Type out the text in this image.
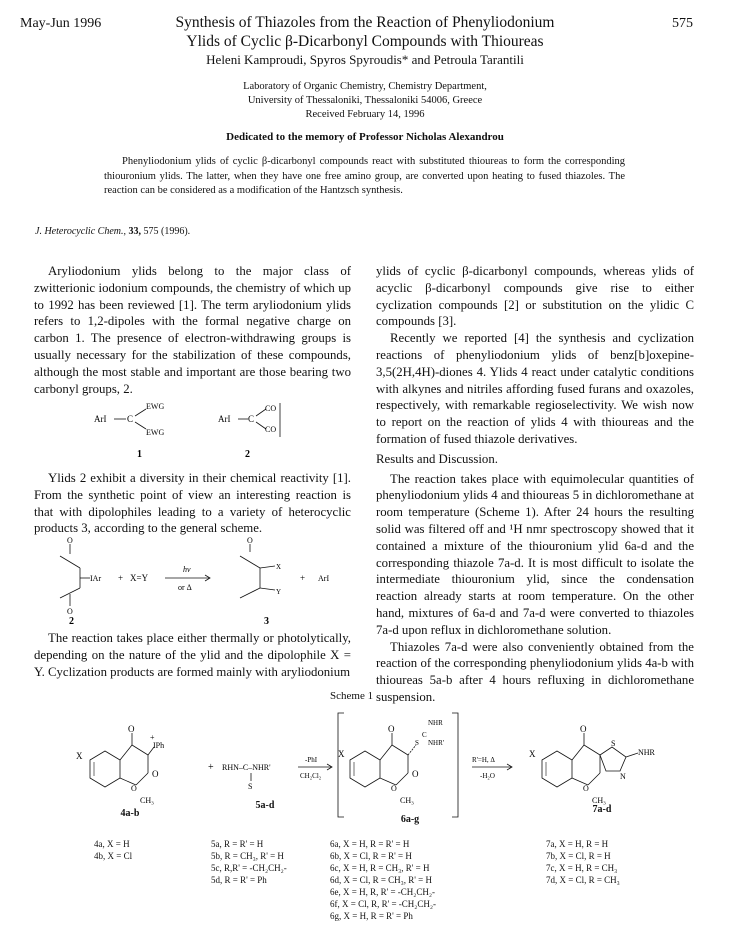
May-Jun 1996	575
Synthesis of Thiazoles from the Reaction of Phenyliodonium
Ylids of Cyclic β-Dicarbonyl Compounds with Thioureas
Heleni Kamproudi, Spyros Spyroudis* and Petroula Tarantili
Laboratory of Organic Chemistry, Chemistry Department,
University of Thessaloniki, Thessaloniki 54006, Greece
Received February 14, 1996
Dedicated to the memory of Professor Nicholas Alexandrou
Phenyliodonium ylids of cyclic β-dicarbonyl compounds react with substituted thioureas to form the corresponding thiouronium ylids. The latter, when they have one free amino group, are converted upon heating to fused thiazoles. The reaction can be considered as a modification of the Hantzsch synthesis.
J. Heterocyclic Chem., 33, 575 (1996).

Aryliodonium ylids belong to the major class of zwitterionic iodonium compounds, the chemistry of which up to 1992 has been reviewed [1]. The term aryliodonium ylids refers to 1,2-dipoles with the formal negative charge on carbon 1. The presence of electron-withdrawing groups is usually necessary for the stabilization of these compounds, although the most stable and important are those bearing two carbonyl groups, 2.

ArI C
EWG
EWG
ArI C
CO
CO
1	2

Ylids 2 exhibit a diversity in their chemical reactivity [1]. From the synthetic point of view an interesting reaction is that with dipolophiles leading to a variety of heterocyclic products 3, according to the general scheme.

O
O
IAr + X=Y
hν
or Δ
O
X
Y
+ ArI
2	3

The reaction takes place either thermally or photolytically, depending on the nature of the ylid and the dipolophile X = Y. Cyclization products are formed mainly with aryliodonium

ylids of cyclic β-dicarbonyl compounds, whereas ylids of acyclic β-dicarbonyl compounds give rise to either cyclization compounds [2] or substitution on the ylidic C compounds [3].

Recently we reported [4] the synthesis and cyclization reactions of phenyliodonium ylids of benz[b]oxepine-3,5(2H,4H)-diones 4. Ylids 4 react under catalytic conditions with alkynes and nitriles affording fused furans and oxazoles, respectively, with remarkable regioselectivity. We wish now to report on the reaction of ylids 4 with thioureas and the formation of fused thiazole derivatives.

Results and Discussion.

The reaction takes place with equimolecular quantities of phenyliodonium ylids 4 and thioureas 5 in dichloromethane at room temperature (Scheme 1). After 24 hours the resulting solid was filtered off and ¹H nmr spectroscopy showed that it contained a mixture of the thiouronium ylid 6a-d and the corresponding thiazole 7a-d. It is most difficult to isolate the intermediate thiouronium ylid, since the condensation reaction already starts at room temperature. On the other hand, mixtures of 6a-d and 7a-d were converted to thiazoles 7a-d upon reflux in dichloromethane solution.

Thiazoles 7a-d were also conveniently obtained from the reaction of the corresponding phenyliodonium ylids 4a-b with thioureas 5a-b after 4 hours refluxing in dichloromethane suspension.

Scheme 1
O
+
IPh
O
O
CH₃
X
+ RHN–C–NHR'
S
-PhI
CH₂Cl₂
O
S
C
NHR
NHR'
O
O
CH₃
X
R'=H, Δ
-H₂O
O
S
N
NHR
O
CH₃
X
4a-b
5a-d
6a-g
7a-d
4a, X = H
4b, X = Cl
5a, R = R' = H
5b, R = CH₃, R' = H
5c, R,R' = -CH₂CH₂-
5d, R = R' = Ph
6a, X = H, R = R' = H
6b, X = Cl, R = R' = H
6c, X = H, R = CH₃, R' = H
6d, X = Cl, R = CH₃, R' = H
6e, X = H, R, R' = -CH₂CH₂-
6f, X = Cl, R, R' = -CH₂CH₂-
6g, X = H, R = R' = Ph
7a, X = H, R = H
7b, X = Cl, R = H
7c, X = H, R = CH₃
7d, X = Cl, R = CH₃
